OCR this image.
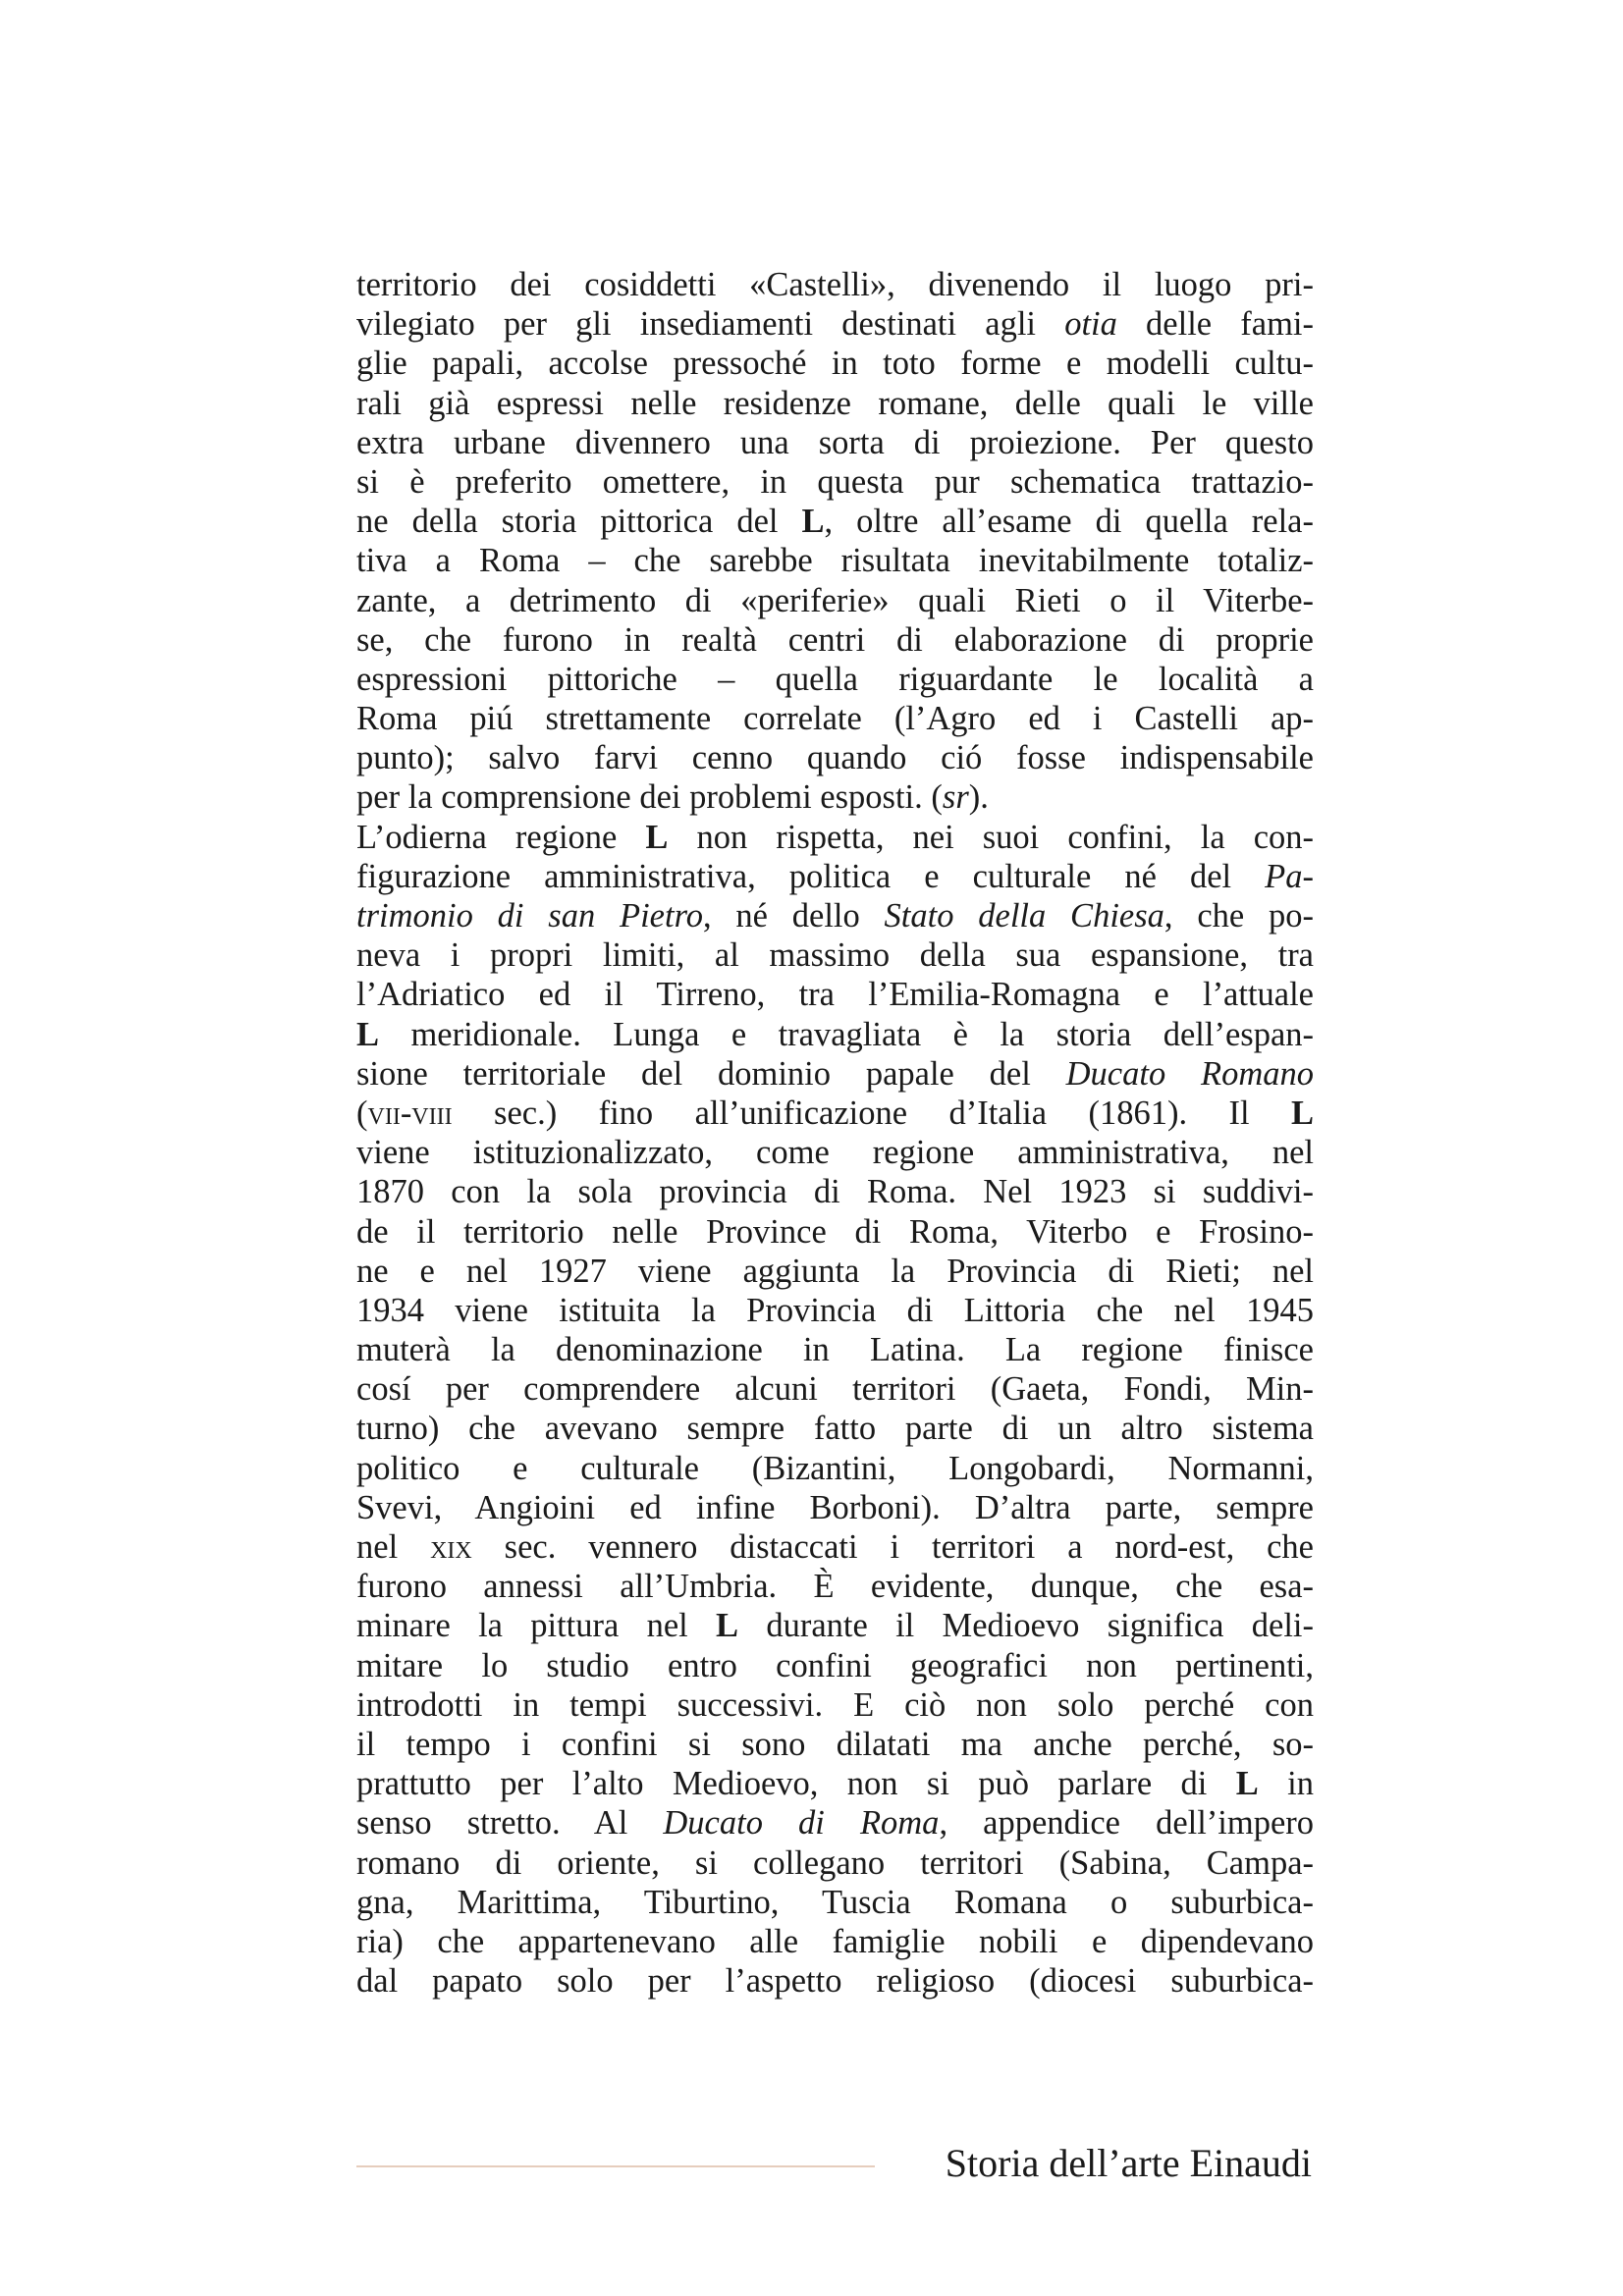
territorio dei cosiddetti «Castelli», divenendo il luogo pri-
vilegiato per gli insediamenti destinati agli otia delle fami-
glie papali, accolse pressoché in toto forme e modelli cultu-
rali già espressi nelle residenze romane, delle quali le ville
extra urbane divennero una sorta di proiezione. Per questo
si è preferito omettere, in questa pur schematica trattazio-
ne della storia pittorica del L, oltre all’esame di quella rela-
tiva a Roma – che sarebbe risultata inevitabilmente totaliz-
zante, a detrimento di «periferie» quali Rieti o il Viterbe-
se, che furono in realtà centri di elaborazione di proprie
espressioni pittoriche – quella riguardante le località a
Roma piú strettamente correlate (l’Agro ed i Castelli ap-
punto); salvo farvi cenno quando ció fosse indispensabile
per la comprensione dei problemi esposti. (sr).
L’odierna regione L non rispetta, nei suoi confini, la con-
figurazione amministrativa, politica e culturale né del Pa-
trimonio di san Pietro, né dello Stato della Chiesa, che po-
neva i propri limiti, al massimo della sua espansione, tra
l’Adriatico ed il Tirreno, tra l’Emilia-Romagna e l’attuale
L meridionale. Lunga e travagliata è la storia dell’espan-
sione territoriale del dominio papale del Ducato Romano
(vii-viii sec.) fino all’unificazione d’Italia (1861). Il L
viene istituzionalizzato, come regione amministrativa, nel
1870 con la sola provincia di Roma. Nel 1923 si suddivi-
de il territorio nelle Province di Roma, Viterbo e Frosino-
ne e nel 1927 viene aggiunta la Provincia di Rieti; nel
1934 viene istituita la Provincia di Littoria che nel 1945
muterà la denominazione in Latina. La regione finisce
cosí per comprendere alcuni territori (Gaeta, Fondi, Min-
turno) che avevano sempre fatto parte di un altro sistema
politico e culturale (Bizantini, Longobardi, Normanni,
Svevi, Angioini ed infine Borboni). D’altra parte, sempre
nel xix sec. vennero distaccati i territori a nord-est, che
furono annessi all’Umbria. È evidente, dunque, che esa-
minare la pittura nel L durante il Medioevo significa deli-
mitare lo studio entro confini geografici non pertinenti,
introdotti in tempi successivi. E ciò non solo perché con
il tempo i confini si sono dilatati ma anche perché, so-
prattutto per l’alto Medioevo, non si può parlare di L in
senso stretto. Al Ducato di Roma, appendice dell’impero
romano di oriente, si collegano territori (Sabina, Campa-
gna, Marittima, Tiburtino, Tuscia Romana o suburbica-
ria) che appartenevano alle famiglie nobili e dipendevano
dal papato solo per l’aspetto religioso (diocesi suburbica-
Storia dell’arte Einaudi
